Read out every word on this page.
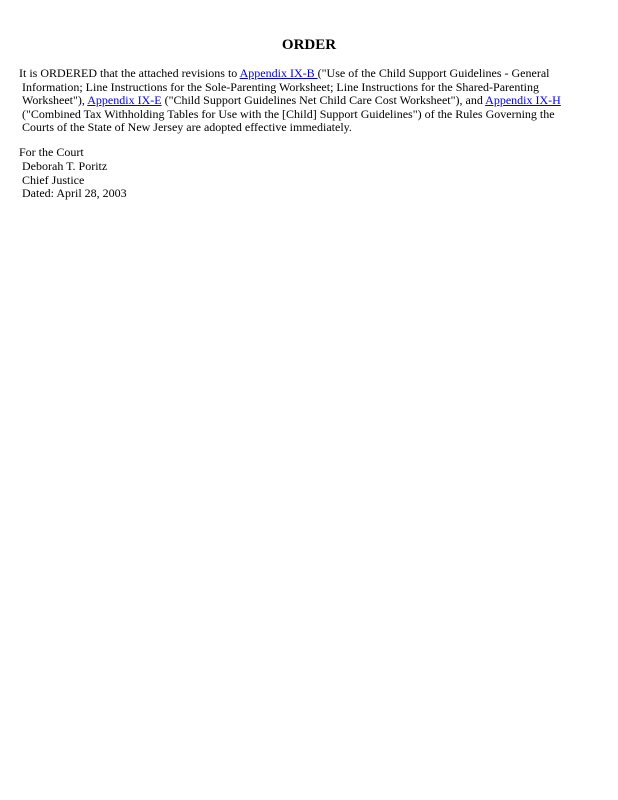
ORDER
It is ORDERED that the attached revisions to Appendix IX-B ("Use of the Child Support Guidelines - General
Information; Line Instructions for the Sole-Parenting Worksheet; Line Instructions for the Shared-Parenting
Worksheet"), Appendix IX-E ("Child Support Guidelines Net Child Care Cost Worksheet"), and Appendix IX-H
("Combined Tax Withholding Tables for Use with the [Child] Support Guidelines") of the Rules Governing the
Courts of the State of New Jersey are adopted effective immediately.
For the Court
Deborah T. Poritz
Chief Justice
Dated: April 28, 2003
